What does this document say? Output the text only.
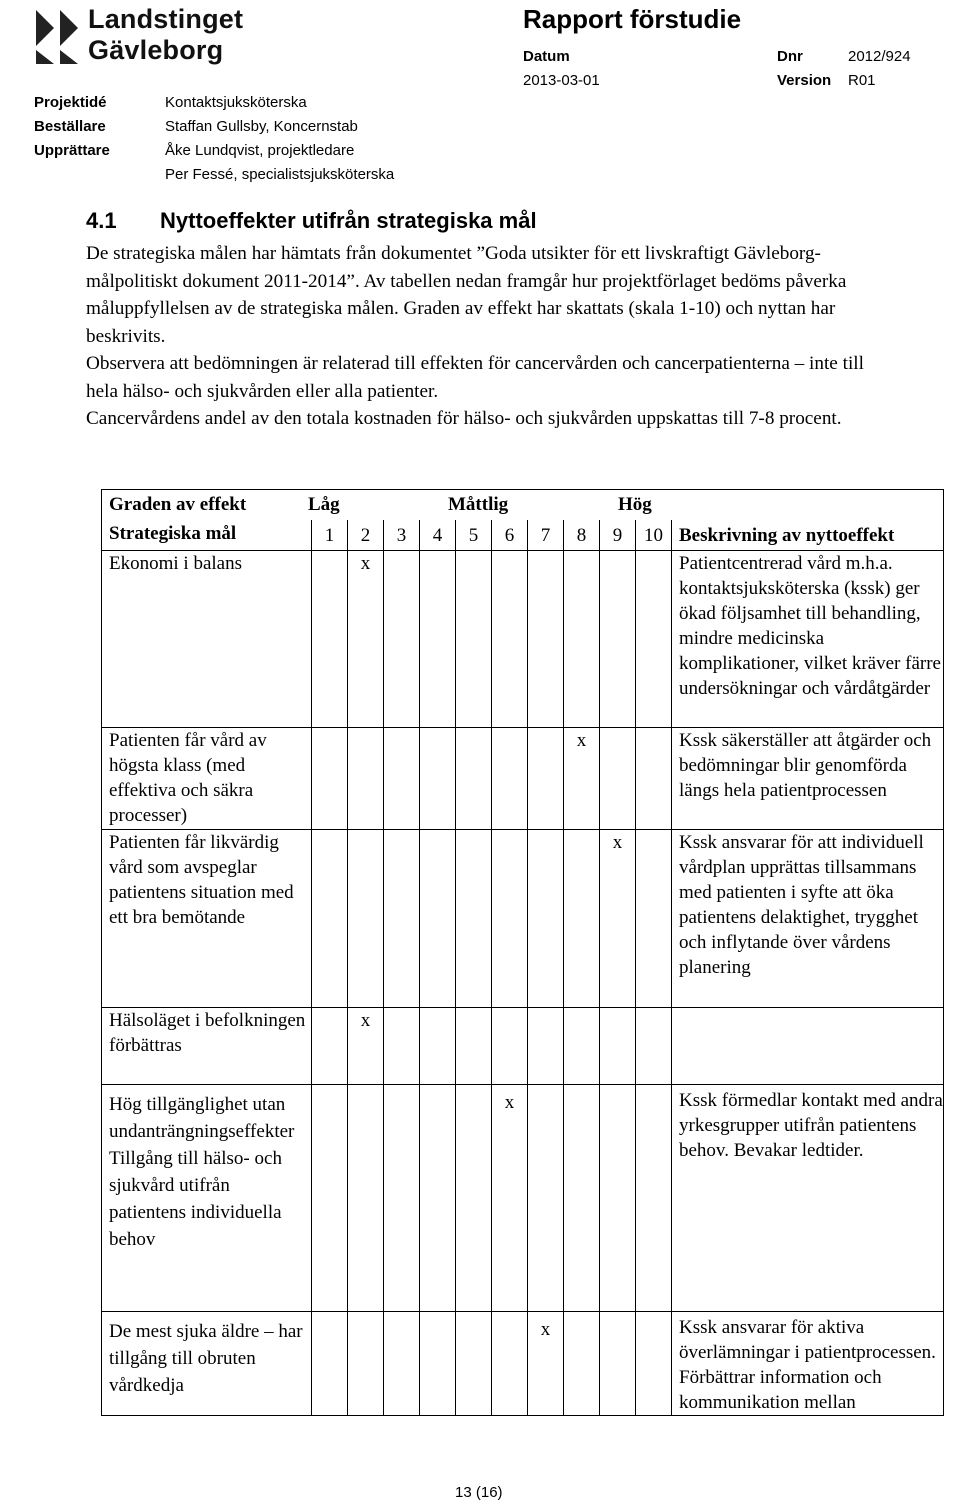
Landstinget
Gävleborg
Rapport förstudie
Datum
2013-03-01
Dnr	2012/924
Version R01
Projektidé	Kontaktsjuksköterska
Beställare	Staffan Gullsby, Koncernstab
Upprättare	Åke Lundqvist, projektledare
Per Fessé, specialistsjuksköterska
4.1 Nyttoeffekter utifrån strategiska mål

De strategiska målen har hämtats från dokumentet ”Goda utsikter för ett livskraftigt Gävleborg-målpolitiskt dokument 2011-2014”. Av tabellen nedan framgår hur projektförlaget bedöms påverka måluppfyllelsen av de strategiska målen. Graden av effekt har skattats (skala 1-10) och nyttan har beskrivits.

Observera att bedömningen är relaterad till effekten för cancervården och cancerpatienterna – inte till hela hälso- och sjukvården eller alla patienter.

Cancervårdens andel av den totala kostnaden för hälso- och sjukvården uppskattas till 7-8 procent.

Graden av effekt Låg Måttlig Hög											
Strategiska mål	1	2	3	4	5	6	7	8	9	10	Beskrivning av nyttoeffekt
Ekonomi i balans		x									Patientcentrerad vård m.h.a. kontaktsjuksköterska (kssk) ger ökad följsamhet till behandling, mindre medicinska komplikationer, vilket kräver färre undersökningar och vårdåtgärder
Patienten får vård av högsta klass (med effektiva och säkra processer)								x			Kssk säkerställer att åtgärder och bedömningar blir genomförda längs hela patientprocessen
Patienten får likvärdig vård som avspeglar patientens situation med ett bra bemötande									x		Kssk ansvarar för att individuell vårdplan upprättas tillsammans med patienten i syfte att öka patientens delaktighet, trygghet och inflytande över vårdens planering
Hälsoläget i befolkningen förbättras		x									
Hög tillgänglighet utan undanträngningseffekter Tillgång till hälso- och sjukvård utifrån patientens individuella behov						x					Kssk förmedlar kontakt med andra yrkesgrupper utifrån patientens behov. Bevakar ledtider.
De mest sjuka äldre – har tillgång till obruten vårdkedja							x				Kssk ansvarar för aktiva överlämningar i patientprocessen. Förbättrar information och kommunikation mellan
13 (16)
